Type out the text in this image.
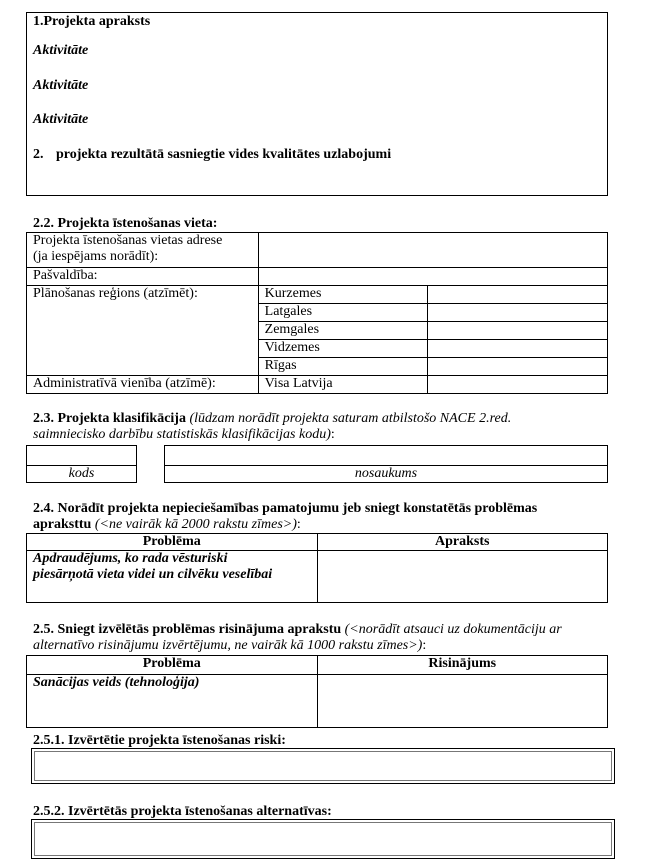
1.Projekta apraksts
Aktivitāte
Aktivitāte
Aktivitāte
2. projekta rezultātā sasniegtie vides kvalitātes uzlabojumi
2.2. Projekta īstenošanas vieta:
Projekta īstenošanas vietas adrese
(ja iespējams norādīt):		
Pašvaldība:		
Plānošanas reģions (atzīmēt):	Kurzemes	
	Latgales	
	Zemgales	
	Vidzemes	
	Rīgas	
Administratīvā vienība (atzīmē):	Visa Latvija	
2.3. Projekta klasifikācija (lūdzam norādīt projekta saturam atbilstošo NACE 2.red.
saimnieciskо darbību statistiskās klasifikācijas kodu):

kods	nosaukums
2.4. Norādīt projekta nepieciešamības pamatojumu jeb sniegt konstatētās problēmas
apraksttu (<ne vairāk kā 2000 rakstu zīmes>):
Problēma	Apraksts
Apdraudējums, ko rada vēsturiski
piesārņotā vieta videi un cilvēku veselībai	
2.5. Sniegt izvēlētās problēmas risinājuma aprakstu (<norādīt atsauci uz dokumentāciju ar
alternatīvo risinājumu izvērtējumu, ne vairāk kā 1000 rakstu zīmes>):
Problēma	Risinājums
Sanācijas veids (tehnoloģija)	
2.5.1. Izvērtētie projekta īstenošanas riski:
2.5.2. Izvērtētās projekta īstenošanas alternatīvas:
